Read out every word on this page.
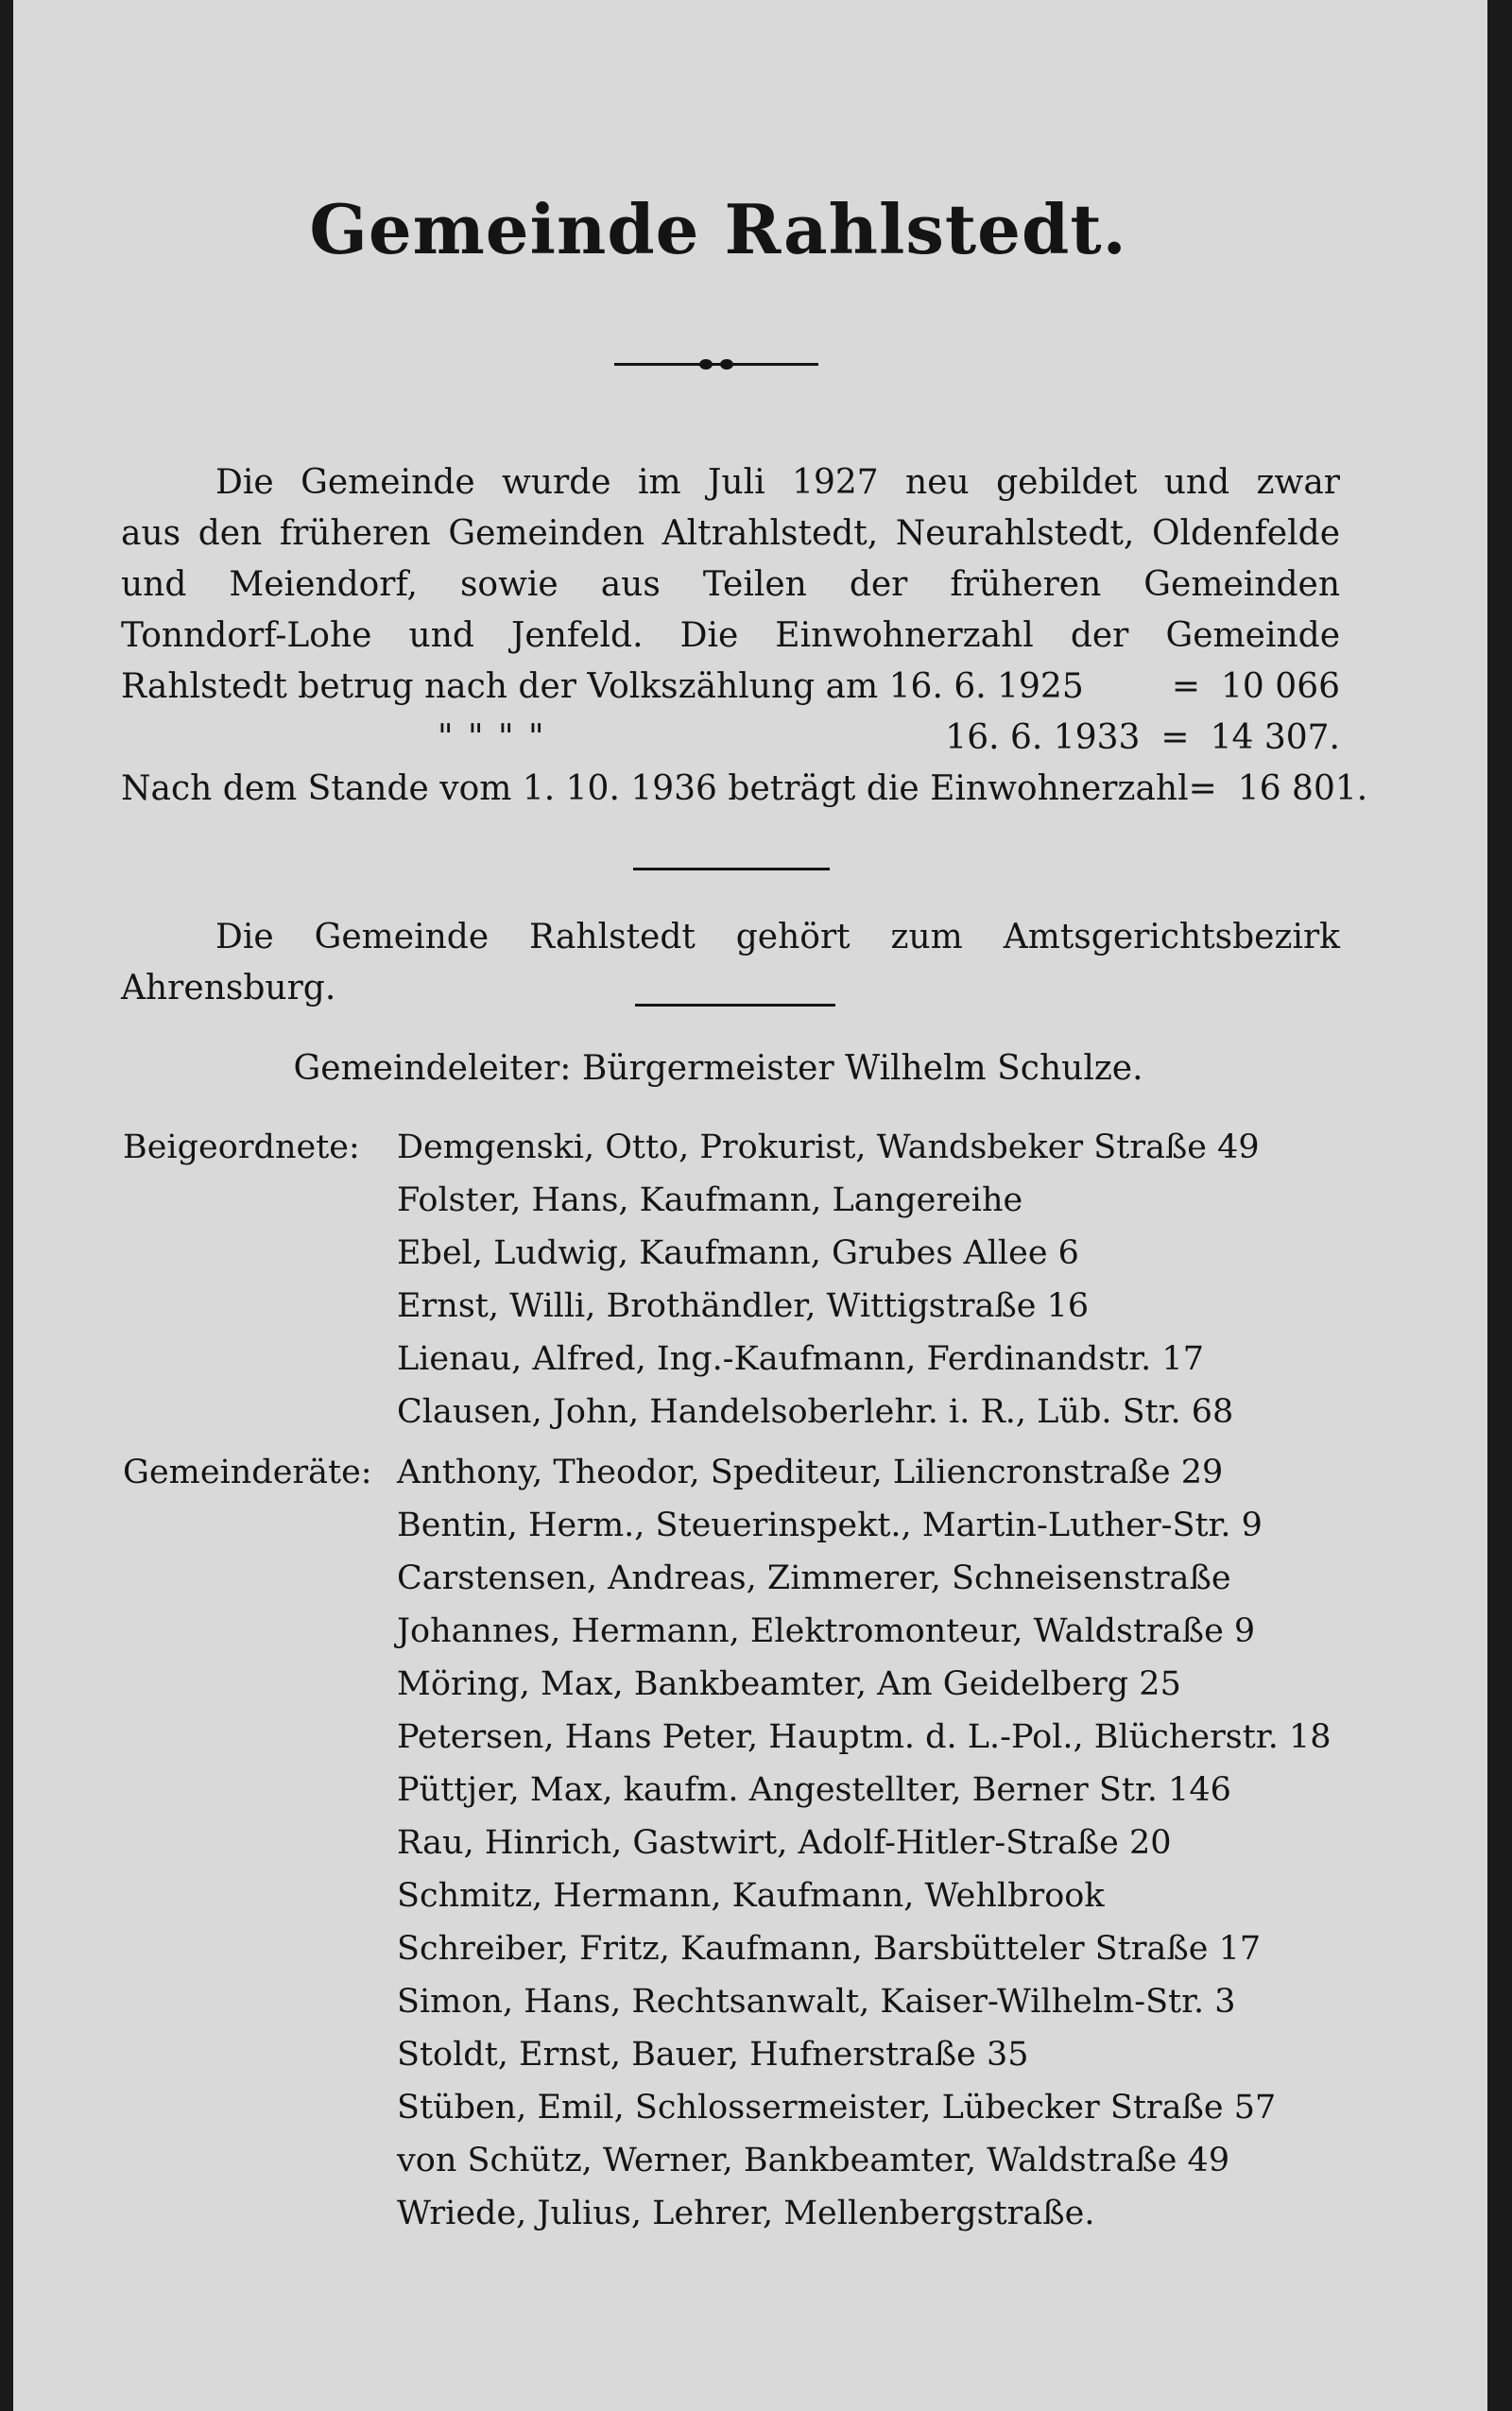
Gemeinde Rahlstedt.
Die Gemeinde wurde im Juli 1927 neu gebildet und zwar
aus den früheren Gemeinden Altrahlstedt, Neurahlstedt, Oldenfelde
und Meiendorf, sowie aus Teilen der früheren Gemeinden
Tonndorf-Lohe und Jenfeld. Die Einwohnerzahl der Gemeinde
Rahlstedt betrug nach der Volkszählung am 16. 6. 1925	= 10 066
" " " "	16. 6. 1933 = 14 307.
Nach dem Stande vom 1. 10. 1936 beträgt die Einwohnerzahl = 16 801.
Die Gemeinde Rahlstedt gehört zum Amtsgerichtsbezirk
Ahrensburg.
Gemeindeleiter: Bürgermeister Wilhelm Schulze.
Beigeordnete: Demgenski, Otto, Prokurist, Wandsbeker Straße 49
Folster, Hans, Kaufmann, Langereihe
Ebel, Ludwig, Kaufmann, Grubes Allee 6
Ernst, Willi, Brothändler, Wittigstraße 16
Lienau, Alfred, Ing.-Kaufmann, Ferdinandstr. 17
Clausen, John, Handelsoberlehr. i. R., Lüb. Str. 68
Gemeinderäte: Anthony, Theodor, Spediteur, Liliencronstraße 29
Bentin, Herm., Steuerinspekt., Martin-Luther-Str. 9
Carstensen, Andreas, Zimmerer, Schneisenstraße
Johannes, Hermann, Elektromonteur, Waldstraße 9
Möring, Max, Bankbeamter, Am Geidelberg 25
Petersen, Hans Peter, Hauptm. d. L.-Pol., Blücherstr. 18
Püttjer, Max, kaufm. Angestellter, Berner Str. 146
Rau, Hinrich, Gastwirt, Adolf-Hitler-Straße 20
Schmitz, Hermann, Kaufmann, Wehlbrook
Schreiber, Fritz, Kaufmann, Barsbütteler Straße 17
Simon, Hans, Rechtsanwalt, Kaiser-Wilhelm-Str. 3
Stoldt, Ernst, Bauer, Hufnerstraße 35
Stüben, Emil, Schlossermeister, Lübecker Straße 57
von Schütz, Werner, Bankbeamter, Waldstraße 49
Wriede, Julius, Lehrer, Mellenbergstraße.
